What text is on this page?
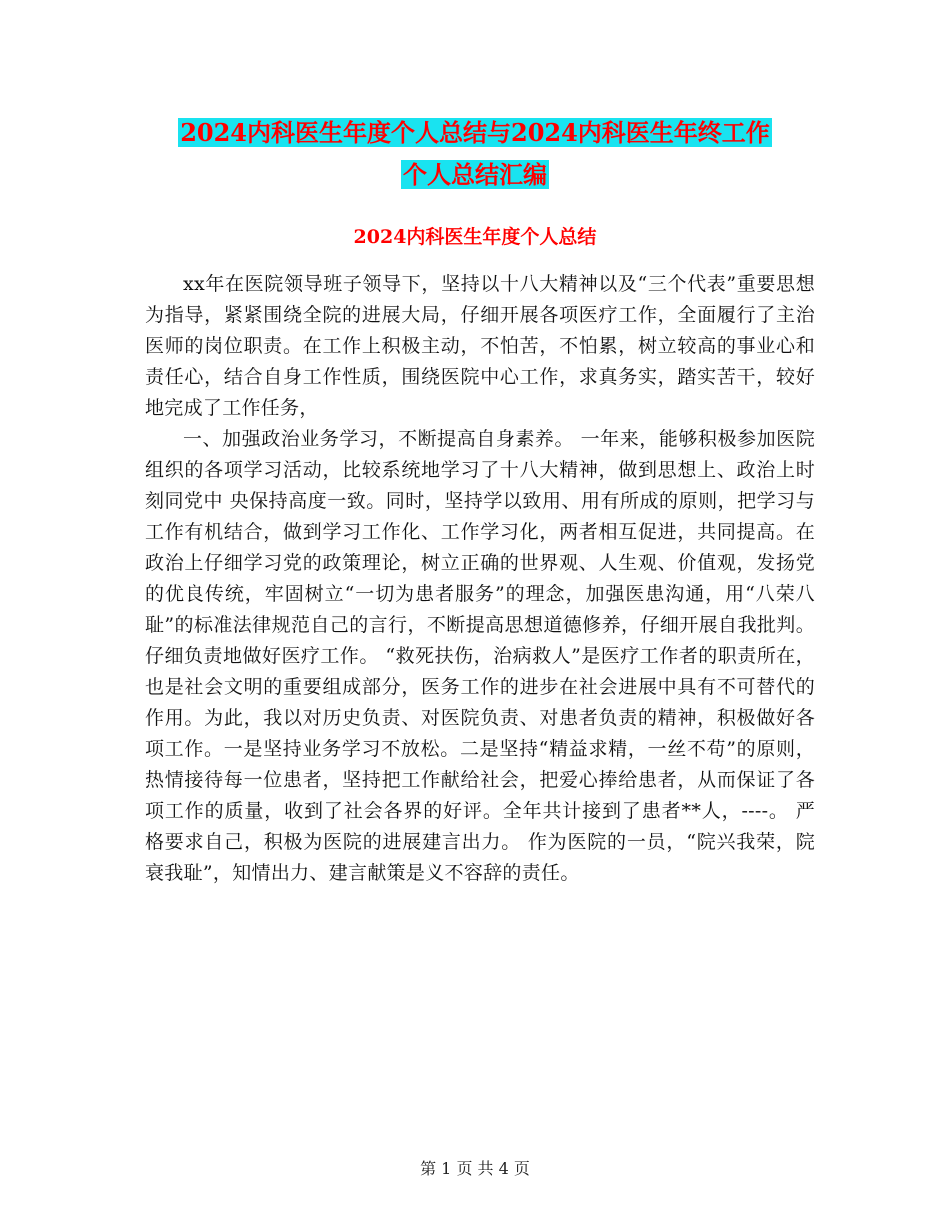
2024内科医生年度个人总结与2024内科医生年终工作
个人总结汇编
2024内科医生年度个人总结

xx年在医院领导班子领导下，坚持以十八大精神以及“三个代表”重要思想为指导，紧紧围绕全院的进展大局，仔细开展各项医疗工作，全面履行了主治医师的岗位职责。在工作上积极主动，不怕苦，不怕累，树立较高的事业心和责任心，结合自身工作性质，围绕医院中心工作，求真务实，踏实苦干，较好地完成了工作任务，

一、加强政治业务学习，不断提高自身素养。 一年来，能够积极参加医院组织的各项学习活动，比较系统地学习了十八大精神，做到思想上、政治上时刻同党中 央保持高度一致。同时，坚持学以致用、用有所成的原则，把学习与工作有机结合，做到学习工作化、工作学习化，两者相互促进，共同提高。在政治上仔细学习党的政策理论，树立正确的世界观、人生观、价值观，发扬党的优良传统，牢固树立“一切为患者服务”的理念，加强医患沟通，用“八荣八耻”的标准法律规范自己的言行，不断提高思想道德修养，仔细开展自我批判。仔细负责地做好医疗工作。 “救死扶伤，治病救人”是医疗工作者的职责所在，也是社会文明的重要组成部分，医务工作的进步在社会进展中具有不可替代的作用。为此，我以对历史负责、对医院负责、对患者负责的精神，积极做好各项工作。一是坚持业务学习不放松。二是坚持“精益求精，一丝不苟”的原则，热情接待每一位患者，坚持把工作献给社会，把爱心捧给患者，从而保证了各项工作的质量，收到了社会各界的好评。全年共计接到了患者**人，----。 严格要求自己，积极为医院的进展建言出力。 作为医院的一员，“院兴我荣，院衰我耻”，知情出力、建言献策是义不容辞的责任。

第 1 页 共 4 页
